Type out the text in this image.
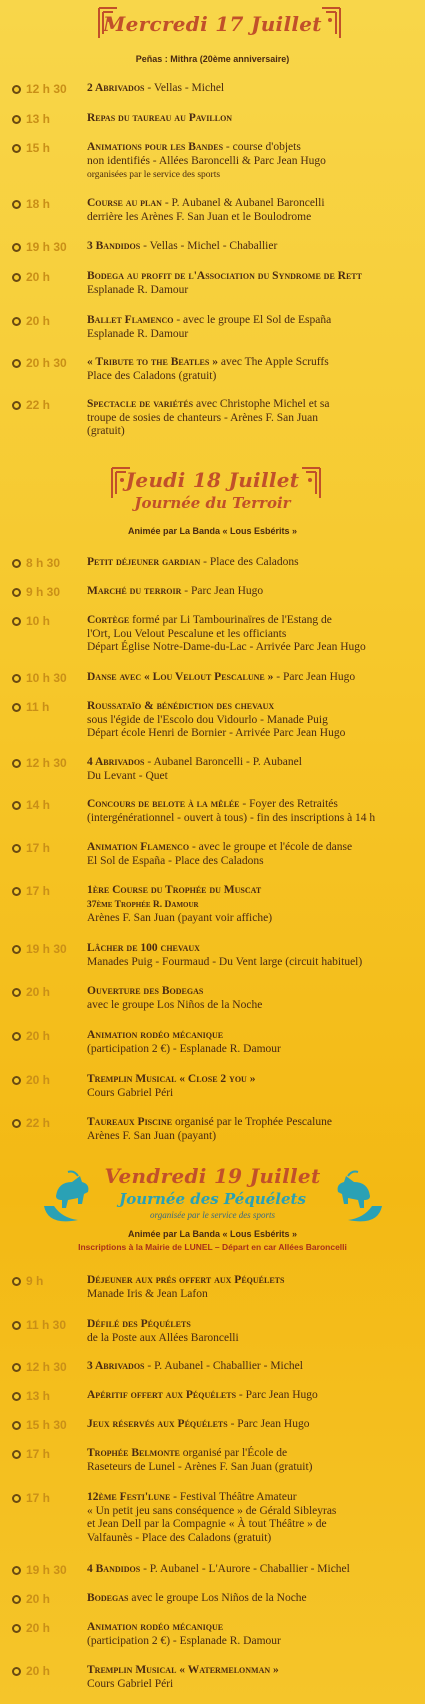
Mercredi 17 Juillet
Peñas : Mithra (20ème anniversaire)
12 h 30	2 Abrivados - Vellas - Michel
13 h	Repas du taureau au Pavillon
15 h	Animations pour les Bandes - course d'objets
non identifiés - Allées Baroncelli & Parc Jean Hugo
organisées par le service des sports
18 h	Course au plan - P. Aubanel & Aubanel Baroncelli
derrière les Arènes F. San Juan et le Boulodrome
19 h 30	3 Bandidos - Vellas - Michel - Chaballier
20 h	Bodega au profit de l'Association du Syndrome de Rett
Esplanade R. Damour
20 h	Ballet Flamenco - avec le groupe El Sol de España
Esplanade R. Damour
20 h 30	« Tribute to the Beatles » avec The Apple Scruffs
Place des Caladons (gratuit)
22 h	Spectacle de variétés avec Christophe Michel et sa
troupe de sosies de chanteurs - Arènes F. San Juan
(gratuit)
Jeudi 18 Juillet
Journée du Terroir
Animée par La Banda « Lous Esbérits »
8 h 30	Petit déjeuner gardian - Place des Caladons
9 h 30	Marché du terroir - Parc Jean Hugo
10 h	Cortège formé par Li Tambourinaïres de l'Estang de
l'Ort, Lou Velout Pescalune et les officiants
Départ Église Notre-Dame-du-Lac - Arrivée Parc Jean Hugo
10 h 30	Danse avec « Lou Velout Pescalune » - Parc Jean Hugo
11 h	Roussataïo & bénédiction des chevaux
sous l'égide de l'Escolo dou Vidourlo - Manade Puig
Départ école Henri de Bornier - Arrivée Parc Jean Hugo
12 h 30	4 Abrivados - Aubanel Baroncelli - P. Aubanel
Du Levant - Quet
14 h	Concours de belote à la mêlée - Foyer des Retraités
(intergénérationnel - ouvert à tous) - fin des inscriptions à 14 h
17 h	Animation Flamenco - avec le groupe et l'école de danse
El Sol de España - Place des Caladons
17 h	1ère Course du Trophée du Muscat
37ème Trophée R. Damour
Arènes F. San Juan (payant voir affiche)
19 h 30	Lâcher de 100 chevaux
Manades Puig - Fourmaud - Du Vent large (circuit habituel)
20 h	Ouverture des Bodegas
avec le groupe Los Niños de la Noche
20 h	Animation rodéo mécanique
(participation 2 €) - Esplanade R. Damour
20 h	Tremplin Musical « Close 2 you »
Cours Gabriel Péri
22 h	Taureaux Piscine organisé par le Trophée Pescalune
Arènes F. San Juan (payant)
Vendredi 19 Juillet
Journée des Péquélets
organisée par le service des sports
Animée par La Banda « Lous Esbérits »
Inscriptions à la Mairie de LUNEL – Départ en car Allées Baroncelli
9 h	Déjeuner aux prés offert aux Péquélets
Manade Iris & Jean Lafon
11 h 30	Défilé des Péquélets
de la Poste aux Allées Baroncelli
12 h 30	3 Abrivados - P. Aubanel - Chaballier - Michel
13 h	Apéritif offert aux Péquélets - Parc Jean Hugo
15 h 30	Jeux réservés aux Péquélets - Parc Jean Hugo
17 h	Trophée Belmonte organisé par l'École de
Raseteurs de Lunel - Arènes F. San Juan (gratuit)
17 h	12ème Festi'lune - Festival Théâtre Amateur
« Un petit jeu sans conséquence » de Gérald Sibleyras
et Jean Dell par la Compagnie « À tout Théâtre » de
Valfaunès - Place des Caladons (gratuit)
19 h 30	4 Bandidos - P. Aubanel - L'Aurore - Chaballier - Michel
20 h	Bodegas avec le groupe Los Niños de la Noche
20 h	Animation rodéo mécanique
(participation 2 €) - Esplanade R. Damour
20 h	Tremplin Musical « Watermelonman »
Cours Gabriel Péri
